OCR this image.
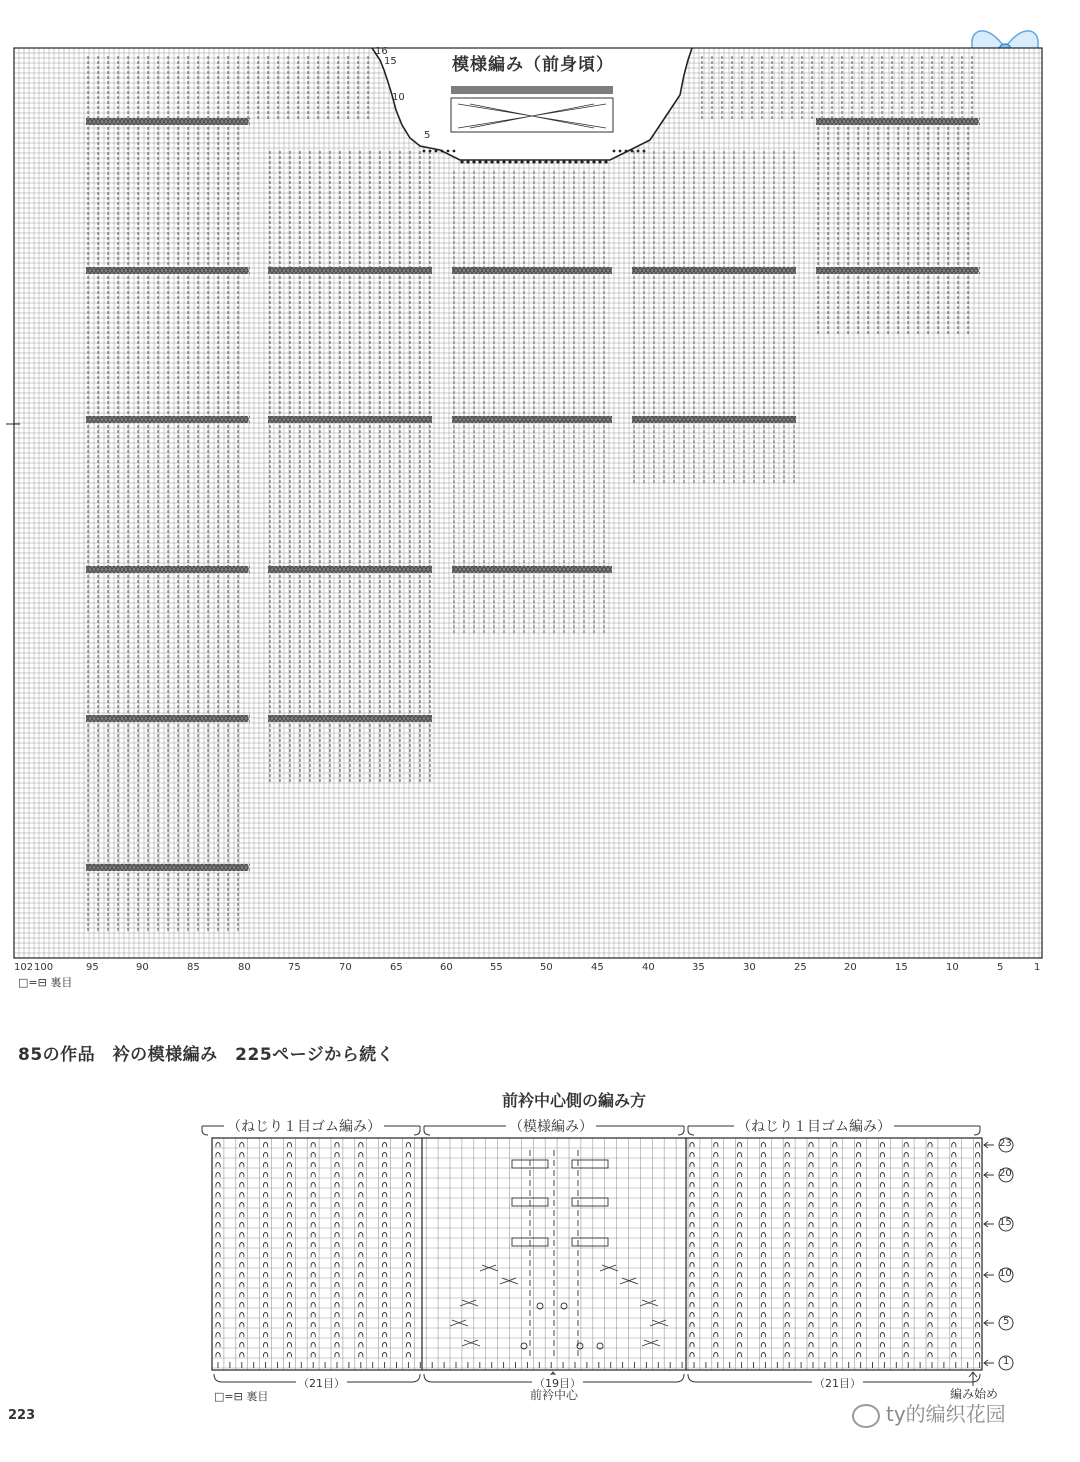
模様編み（前身頃）
102 100	95	90	85	80	75	70	65	60	55	50	45	40	35	30	25	20	15	10	5	1
16
15
10
5
□=⊟ 裏目
85の作品　衿の模様編み　225ページから続く
前衿中心側の編み方
（ねじり１目ゴム編み）	（模様編み）	（ねじり１目ゴム編み）
（21目）	（19目）	（21目）
前衿中心	編み始め
□=⊟ 裏目
23
20
15
10
5
1
223	ty的编织花园
